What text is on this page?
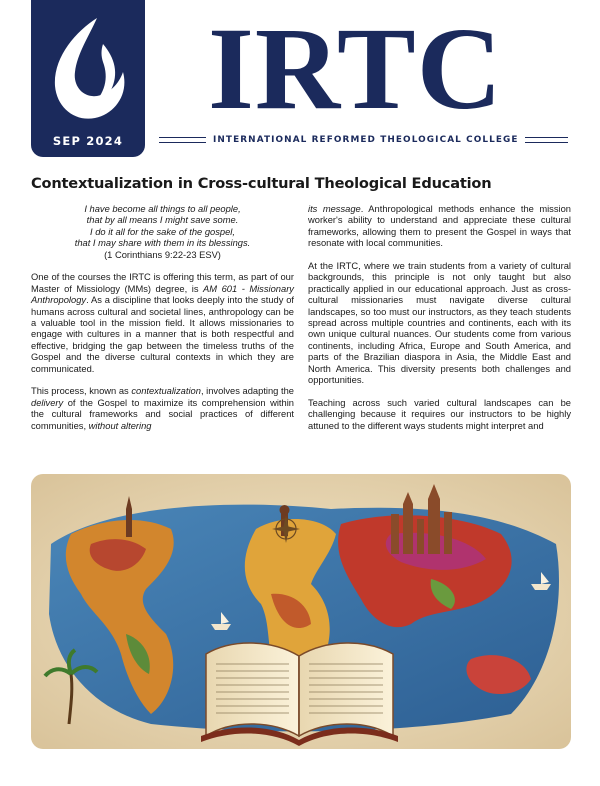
SEP 2024
IRTC
INTERNATIONAL REFORMED THEOLOGICAL COLLEGE
Contextualization in Cross-cultural Theological Education
I have become all things to all people,
that by all means I might save some.
I do it all for the sake of the gospel,
that I may share with them in its blessings.
(1 Corinthians 9:22-23 ESV)

One of the courses the IRTC is offering this term, as part of our Master of Missiology (MMs) degree, is AM 601 - Missionary Anthropology. As a discipline that looks deeply into the study of humans across cultural and societal lines, anthropology can be a valuable tool in the mission field. It allows missionaries to engage with cultures in a manner that is both respectful and effective, bridging the gap between the timeless truths of the Gospel and the diverse cultural contexts in which they are communicated.

This process, known as contextualization, involves adapting the delivery of the Gospel to maximize its comprehension within the cultural frameworks and social practices of different communities, without altering

its message. Anthropological methods enhance the mission worker's ability to understand and appreciate these cultural frameworks, allowing them to present the Gospel in ways that resonate with local communities.

At the IRTC, where we train students from a variety of cultural backgrounds, this principle is not only taught but also practically applied in our educational approach. Just as cross-cultural missionaries must navigate diverse cultural landscapes, so too must our instructors, as they teach students spread across multiple countries and continents, each with its own unique cultural nuances. Our students come from various continents, including Africa, Europe and South America, and parts of the Brazilian diaspora in Asia, the Middle East and North America. This diversity presents both challenges and opportunities.

Teaching across such varied cultural landscapes can be challenging because it requires our instructors to be highly attuned to the different ways students might interpret and
